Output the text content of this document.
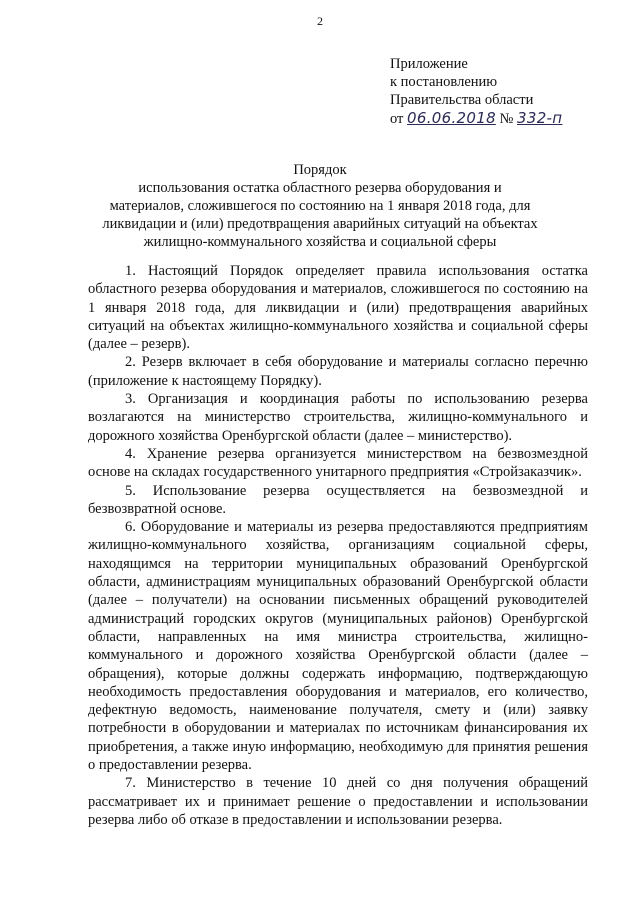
2
Приложение
к постановлению
Правительства области
от 06.06.2018 № 332-п
Порядок
использования остатка областного резерва оборудования и материалов, сложившегося по состоянию на 1 января 2018 года, для ликвидации и (или) предотвращения аварийных ситуаций на объектах жилищно-коммунального хозяйства и социальной сферы

1. Настоящий Порядок определяет правила использования остатка областного резерва оборудования и материалов, сложившегося по состоянию на 1 января 2018 года, для ликвидации и (или) предотвращения аварийных ситуаций на объектах жилищно-коммунального хозяйства и социальной сферы (далее – резерв).

2. Резерв включает в себя оборудование и материалы согласно перечню (приложение к настоящему Порядку).

3. Организация и координация работы по использованию резерва возлагаются на министерство строительства, жилищно-коммунального и дорожного хозяйства Оренбургской области (далее – министерство).

4. Хранение резерва организуется министерством на безвозмездной основе на складах государственного унитарного предприятия «Стройзаказчик».

5. Использование резерва осуществляется на безвозмездной и безвозвратной основе.

6. Оборудование и материалы из резерва предоставляются предприятиям жилищно-коммунального хозяйства, организациям социальной сферы, находящимся на территории муниципальных образований Оренбургской области, администрациям муниципальных образований Оренбургской области (далее – получатели) на основании письменных обращений руководителей администраций городских округов (муниципальных районов) Оренбургской области, направленных на имя министра строительства, жилищно-коммунального и дорожного хозяйства Оренбургской области (далее – обращения), которые должны содержать информацию, подтверждающую необходимость предоставления оборудования и материалов, его количество, дефектную ведомость, наименование получателя, смету и (или) заявку потребности в оборудовании и материалах по источникам финансирования их приобретения, а также иную информацию, необходимую для принятия решения о предоставлении резерва.

7. Министерство в течение 10 дней со дня получения обращений рассматривает их и принимает решение о предоставлении и использовании резерва либо об отказе в предоставлении и использовании резерва.
